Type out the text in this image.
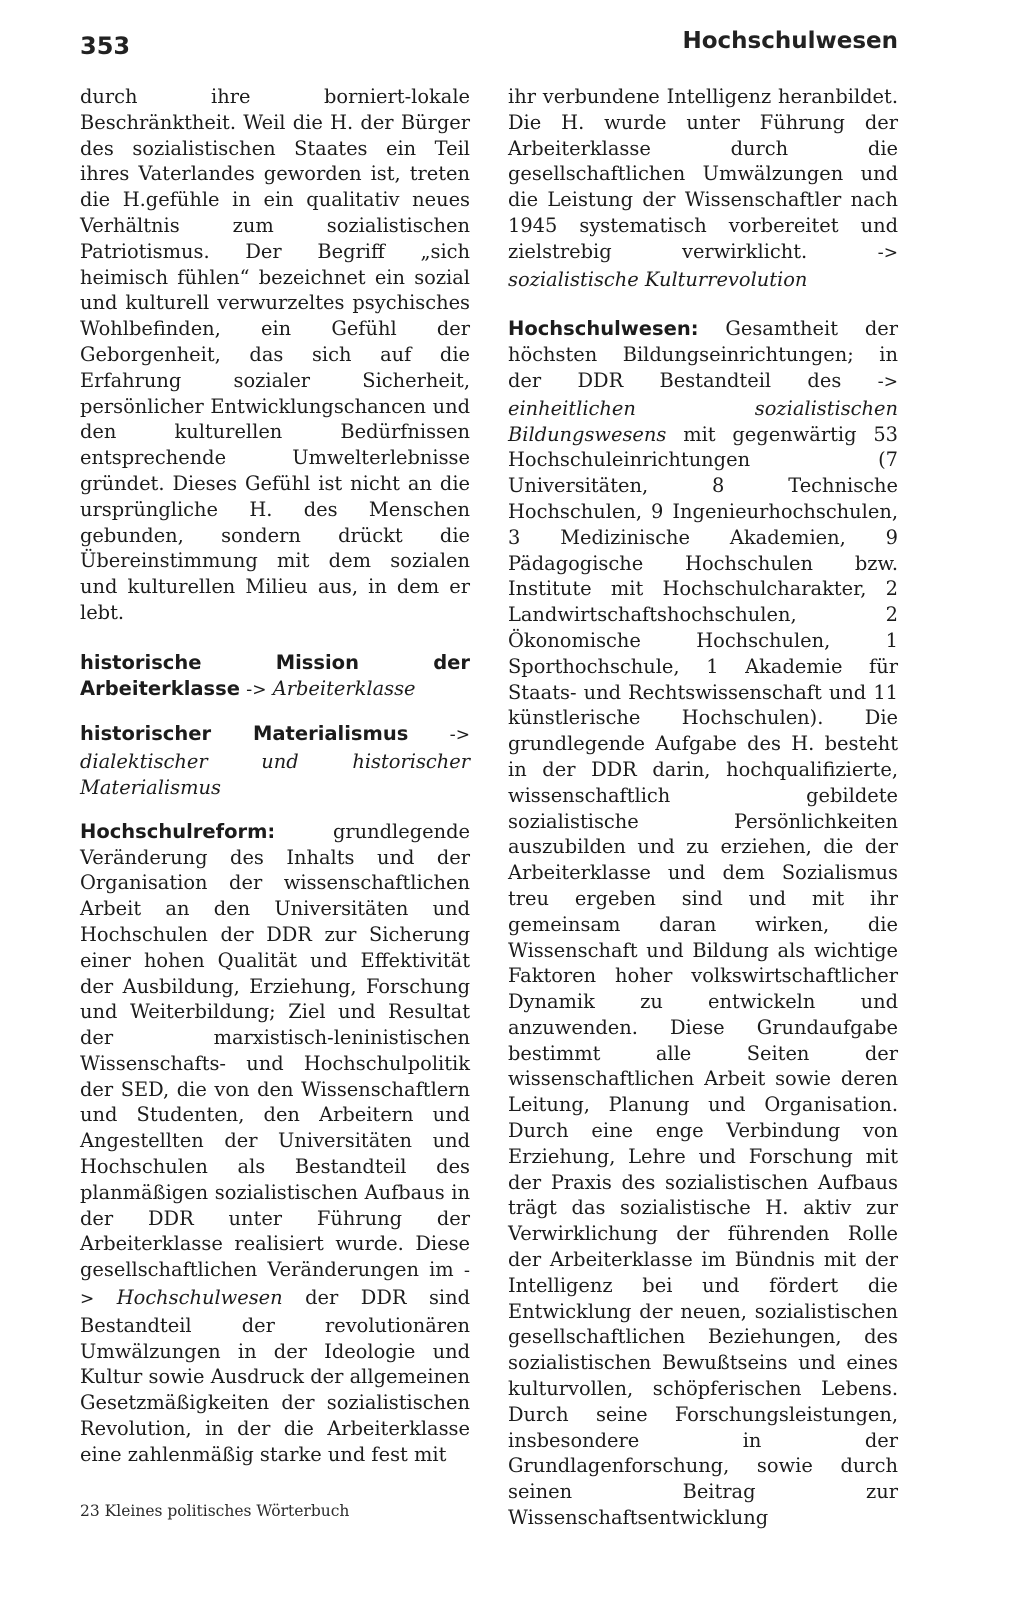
353	Hochschulwesen

durch ihre borniert-lokale Beschränktheit. Weil die H. der Bürger des sozialistischen Staates ein Teil ihres Vaterlandes geworden ist, treten die H.gefühle in ein qualitativ neues Verhältnis zum sozialistischen Patriotismus. Der Begriff „sich heimisch fühlen“ bezeichnet ein sozial und kulturell verwurzeltes psychisches Wohlbefinden, ein Gefühl der Geborgenheit, das sich auf die Erfahrung sozialer Sicherheit, persönlicher Entwicklungschancen und den kulturellen Bedürfnissen entsprechende Umwelterlebnisse gründet. Dieses Gefühl ist nicht an die ursprüngliche H. des Menschen gebunden, sondern drückt die Übereinstimmung mit dem sozialen und kulturellen Milieu aus, in dem er lebt.

historische Mission der Arbeiterklasse -> Arbeiterklasse

historischer Materialismus -> dialektischer und historischer Materialismus

Hochschulreform:	grundlegende Veränderung des Inhalts und der Organisation der wissenschaftlichen Arbeit an den Universitäten und Hochschulen der DDR zur Sicherung einer hohen Qualität und Effektivität der Ausbildung, Erziehung, Forschung und Weiterbildung; Ziel und Resultat der marxistisch-leninistischen Wissenschafts- und Hochschulpolitik der SED, die von den Wissenschaftlern und Studenten, den Arbeitern und Angestellten der Universitäten und Hochschulen als Bestandteil des planmäßigen sozialistischen Aufbaus in der DDR unter Führung der Arbeiterklasse realisiert wurde. Diese gesellschaftlichen Veränderungen im -> Hochschulwesen der DDR sind Bestandteil der revolutionären Umwälzungen in der Ideologie und Kultur sowie Ausdruck der allgemeinen Gesetzmäßigkeiten der sozialistischen Revolution, in der die Arbeiterklasse eine zahlenmäßig starke und fest mit

ihr verbundene Intelligenz heranbildet. Die H. wurde unter Führung der Arbeiterklasse durch die gesellschaftlichen Umwälzungen und die Leistung der Wissenschaftler nach 1945 systematisch vorbereitet und zielstrebig verwirklicht.	-> sozialistische Kulturrevolution

Hochschulwesen: Gesamtheit der höchsten Bildungseinrichtungen; in der DDR Bestandteil des -> einheitlichen sozialistischen Bildungswesens mit gegenwärtig 53 Hochschuleinrichtungen (7 Universitäten, 8 Technische Hochschulen, 9 Ingenieurhochschulen, 3 Medizinische Akademien, 9 Pädagogische Hochschulen bzw. Institute mit Hochschulcharakter, 2 Landwirtschaftshochschulen, 2 Ökonomische Hochschulen, 1 Sporthochschule, 1 Akademie für Staats- und Rechtswissenschaft und 11 künstlerische Hochschulen). Die grundlegende Aufgabe des H. besteht in der DDR darin, hochqualifizierte, wissenschaftlich gebildete sozialistische Persönlichkeiten auszubilden und zu erziehen, die der Arbeiterklasse und dem Sozialismus treu ergeben sind und mit ihr gemeinsam daran wirken, die Wissenschaft und Bildung als wichtige Faktoren hoher volkswirtschaftlicher Dynamik zu entwickeln und anzuwenden. Diese Grundaufgabe bestimmt alle Seiten der wissenschaftlichen Arbeit sowie deren Leitung, Planung und Organisation. Durch eine enge Verbindung von Erziehung, Lehre und Forschung mit der Praxis des sozialistischen Aufbaus trägt das sozialistische H. aktiv zur Verwirklichung der führenden Rolle der Arbeiterklasse im Bündnis mit der Intelligenz bei und fördert die Entwicklung der neuen, sozialistischen gesellschaftlichen Beziehungen, des sozialistischen Bewußtseins und eines kulturvollen, schöpferischen Lebens. Durch seine Forschungsleistungen, insbesondere in der Grundlagenforschung, sowie durch seinen Beitrag zur Wissenschaftsentwicklung

23 Kleines politisches Wörterbuch
